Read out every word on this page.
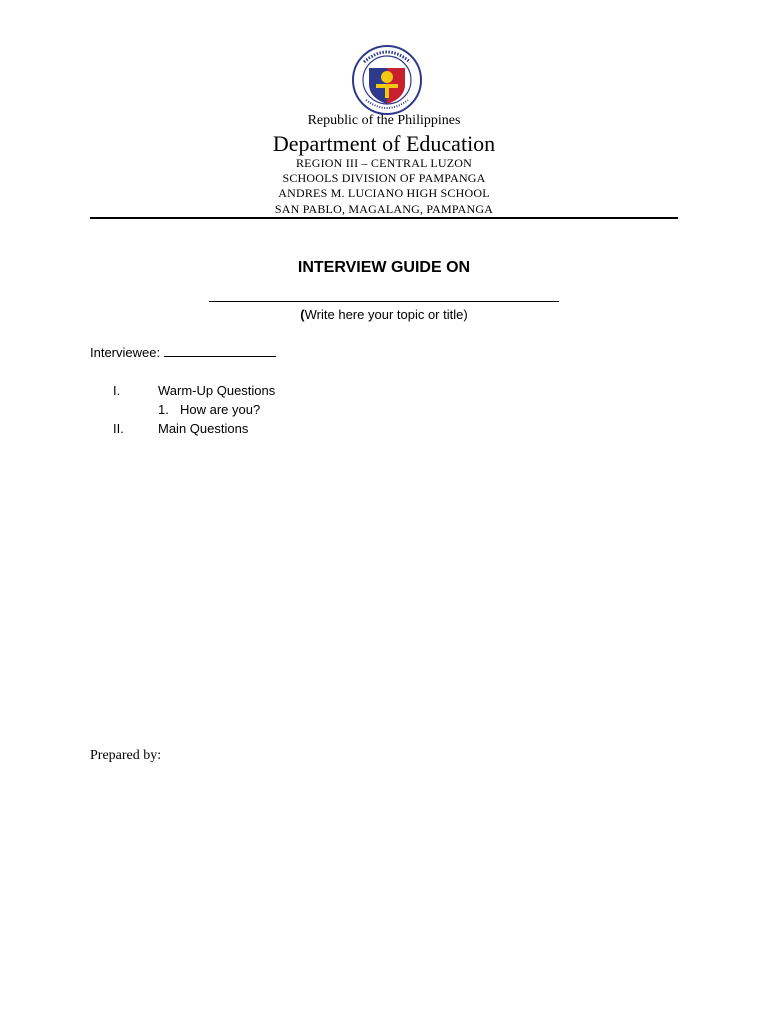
Republic of the Philippines
Department of Education
REGION III – CENTRAL LUZON
SCHOOLS DIVISION OF PAMPANGA
ANDRES M. LUCIANO HIGH SCHOOL
SAN PABLO, MAGALANG, PAMPANGA
INTERVIEW GUIDE ON
(Write here your topic or title)
Interviewee:
I.	Warm-Up Questions
1. How are you?
II.	Main Questions
Prepared by:
